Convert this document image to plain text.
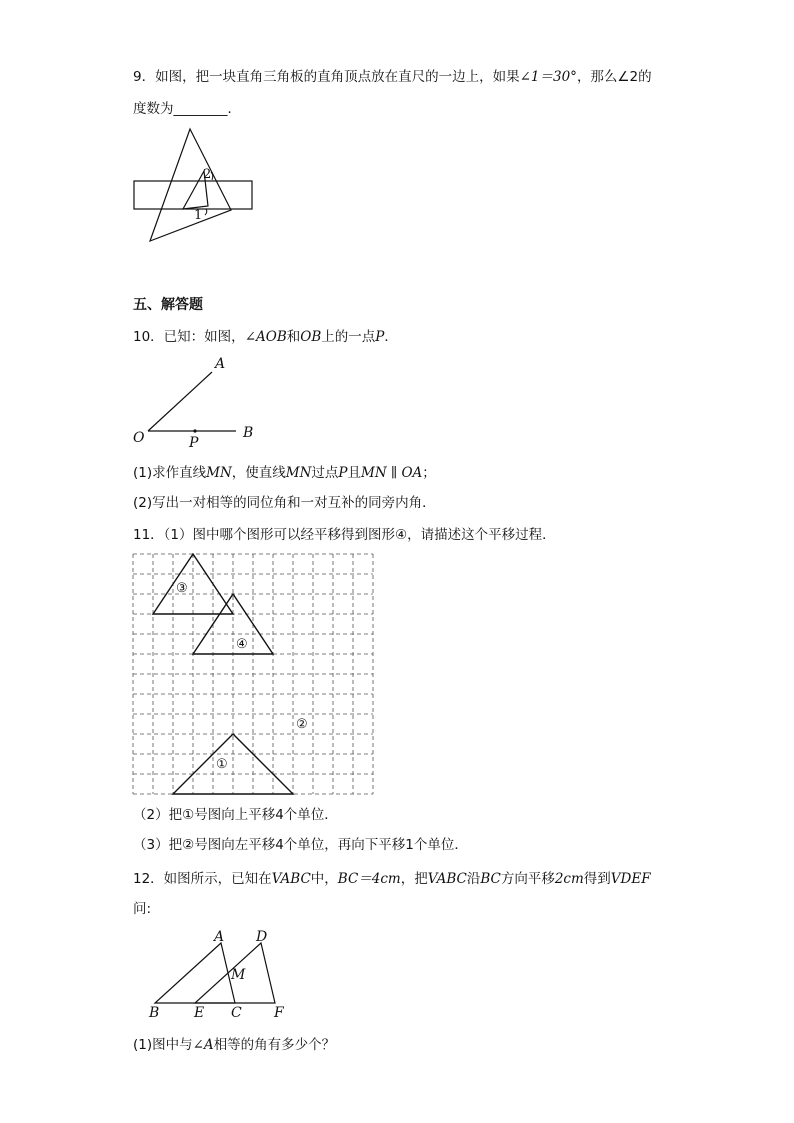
9．如图，把一块直角三角板的直角顶点放在直尺的一边上，如果∠1＝30°，那么∠2的
度数为________．
1
2
五、解答题
10．已知：如图，∠AOB和OB上的一点P．
A
O	P
B
(1)求作直线MN，使直线MN过点P且MN ∥ OA；
(2)写出一对相等的同位角和一对互补的同旁内角．
11．（1）图中哪个图形可以经平移得到图形④，请描述这个平移过程．
③
④
②
①
（2）把①号图向上平移4个单位．
（3）把②号图向左平移4个单位，再向下平移1个单位．
12．如图所示，已知在VABC中，BC＝4cm，把VABC沿BC方向平移2cm得到VDEF
问:
A D
M
B E C F
(1)图中与∠A相等的角有多少个？
